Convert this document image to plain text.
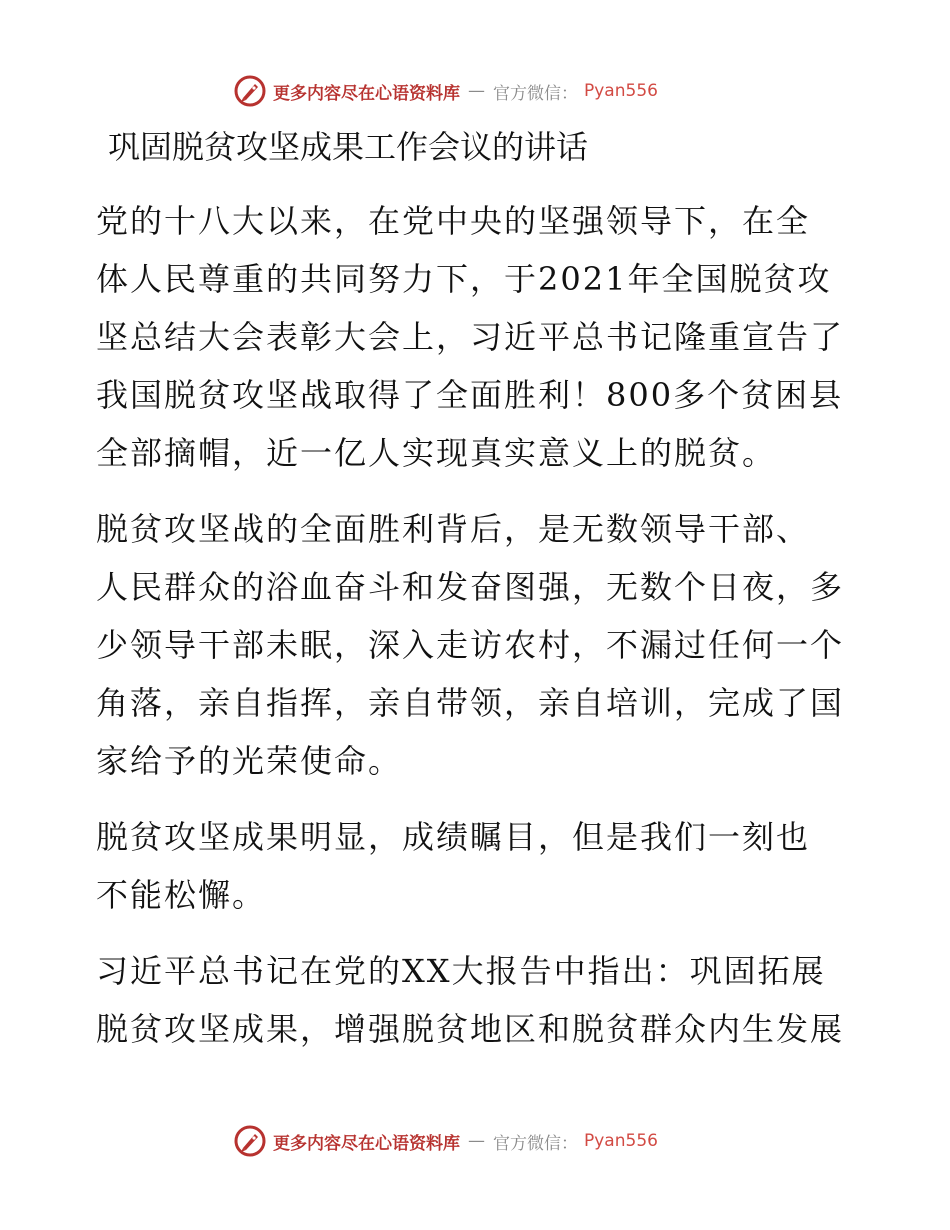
更多内容尽在心语资料库 — 官方微信： Pyan556
巩固脱贫攻坚成果工作会议的讲话

党的十八大以来，在党中央的坚强领导下，在全
体人民尊重的共同努力下，于2021年全国脱贫攻
坚总结大会表彰大会上，习近平总书记隆重宣告了
我国脱贫攻坚战取得了全面胜利！800多个贫困县
全部摘帽，近一亿人实现真实意义上的脱贫。

脱贫攻坚战的全面胜利背后，是无数领导干部、
人民群众的浴血奋斗和发奋图强，无数个日夜，多
少领导干部未眠，深入走访农村，不漏过任何一个
角落，亲自指挥，亲自带领，亲自培训，完成了国
家给予的光荣使命。

脱贫攻坚成果明显，成绩瞩目，但是我们一刻也
不能松懈。

习近平总书记在党的XX大报告中指出：巩固拓展
脱贫攻坚成果，增强脱贫地区和脱贫群众内生发展

更多内容尽在心语资料库 — 官方微信： Pyan556
